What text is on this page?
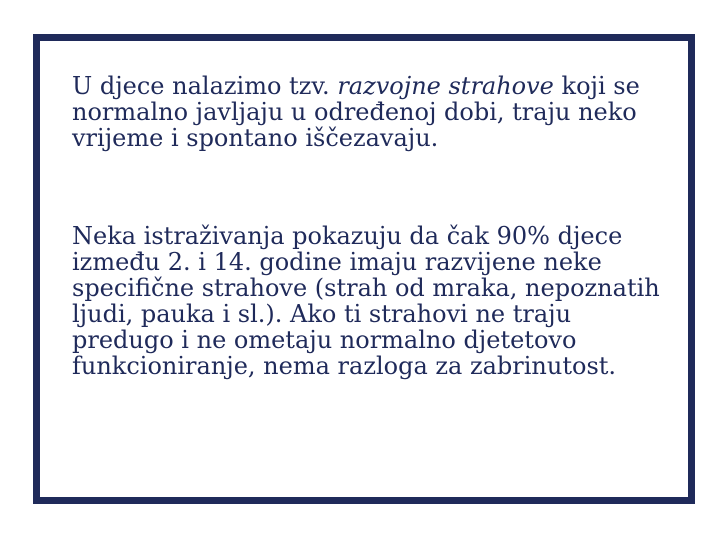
U djece nalazimo tzv. razvojne strahove koji se normalno javljaju u određenoj dobi, traju neko vrijeme i spontano iščezavaju.

Neka istraživanja pokazuju da čak 90% djece između 2. i 14. godine imaju razvijene neke specifične strahove (strah od mraka, nepoznatih ljudi, pauka i sl.). Ako ti strahovi ne traju predugo i ne ometaju normalno djetetovo funkcioniranje, nema razloga za zabrinutost.
